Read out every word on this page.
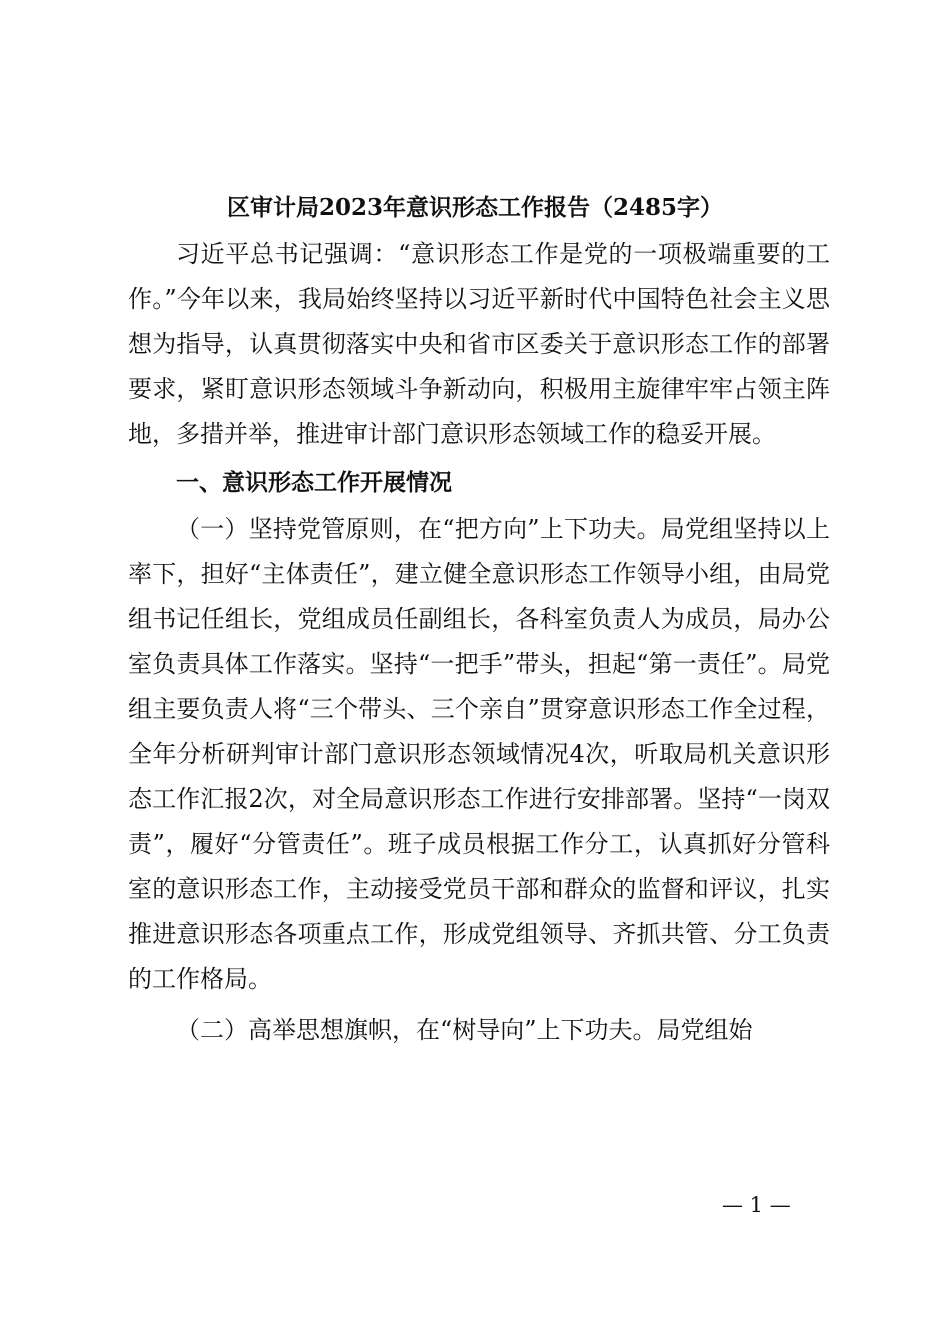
区审计局2023年意识形态工作报告（2485字）

习近平总书记强调：“意识形态工作是党的一项极端重要的工作。”今年以来，我局始终坚持以习近平新时代中国特色社会主义思想为指导，认真贯彻落实中央和省市区委关于意识形态工作的部署要求，紧盯意识形态领域斗争新动向，积极用主旋律牢牢占领主阵地，多措并举，推进审计部门意识形态领域工作的稳妥开展。

一、意识形态工作开展情况

（一）坚持党管原则，在“把方向”上下功夫。局党组坚持以上率下，担好“主体责任”，建立健全意识形态工作领导小组，由局党组书记任组长，党组成员任副组长，各科室负责人为成员，局办公室负责具体工作落实。坚持“一把手”带头，担起“第一责任”。局党组主要负责人将“三个带头、三个亲自”贯穿意识形态工作全过程，全年分析研判审计部门意识形态领域情况4次，听取局机关意识形态工作汇报2次，对全局意识形态工作进行安排部署。坚持“一岗双责”，履好“分管责任”。班子成员根据工作分工，认真抓好分管科室的意识形态工作，主动接受党员干部和群众的监督和评议，扎实推进意识形态各项重点工作，形成党组领导、齐抓共管、分工负责的工作格局。

（二）高举思想旗帜，在“树导向”上下功夫。局党组始

— 1 —
